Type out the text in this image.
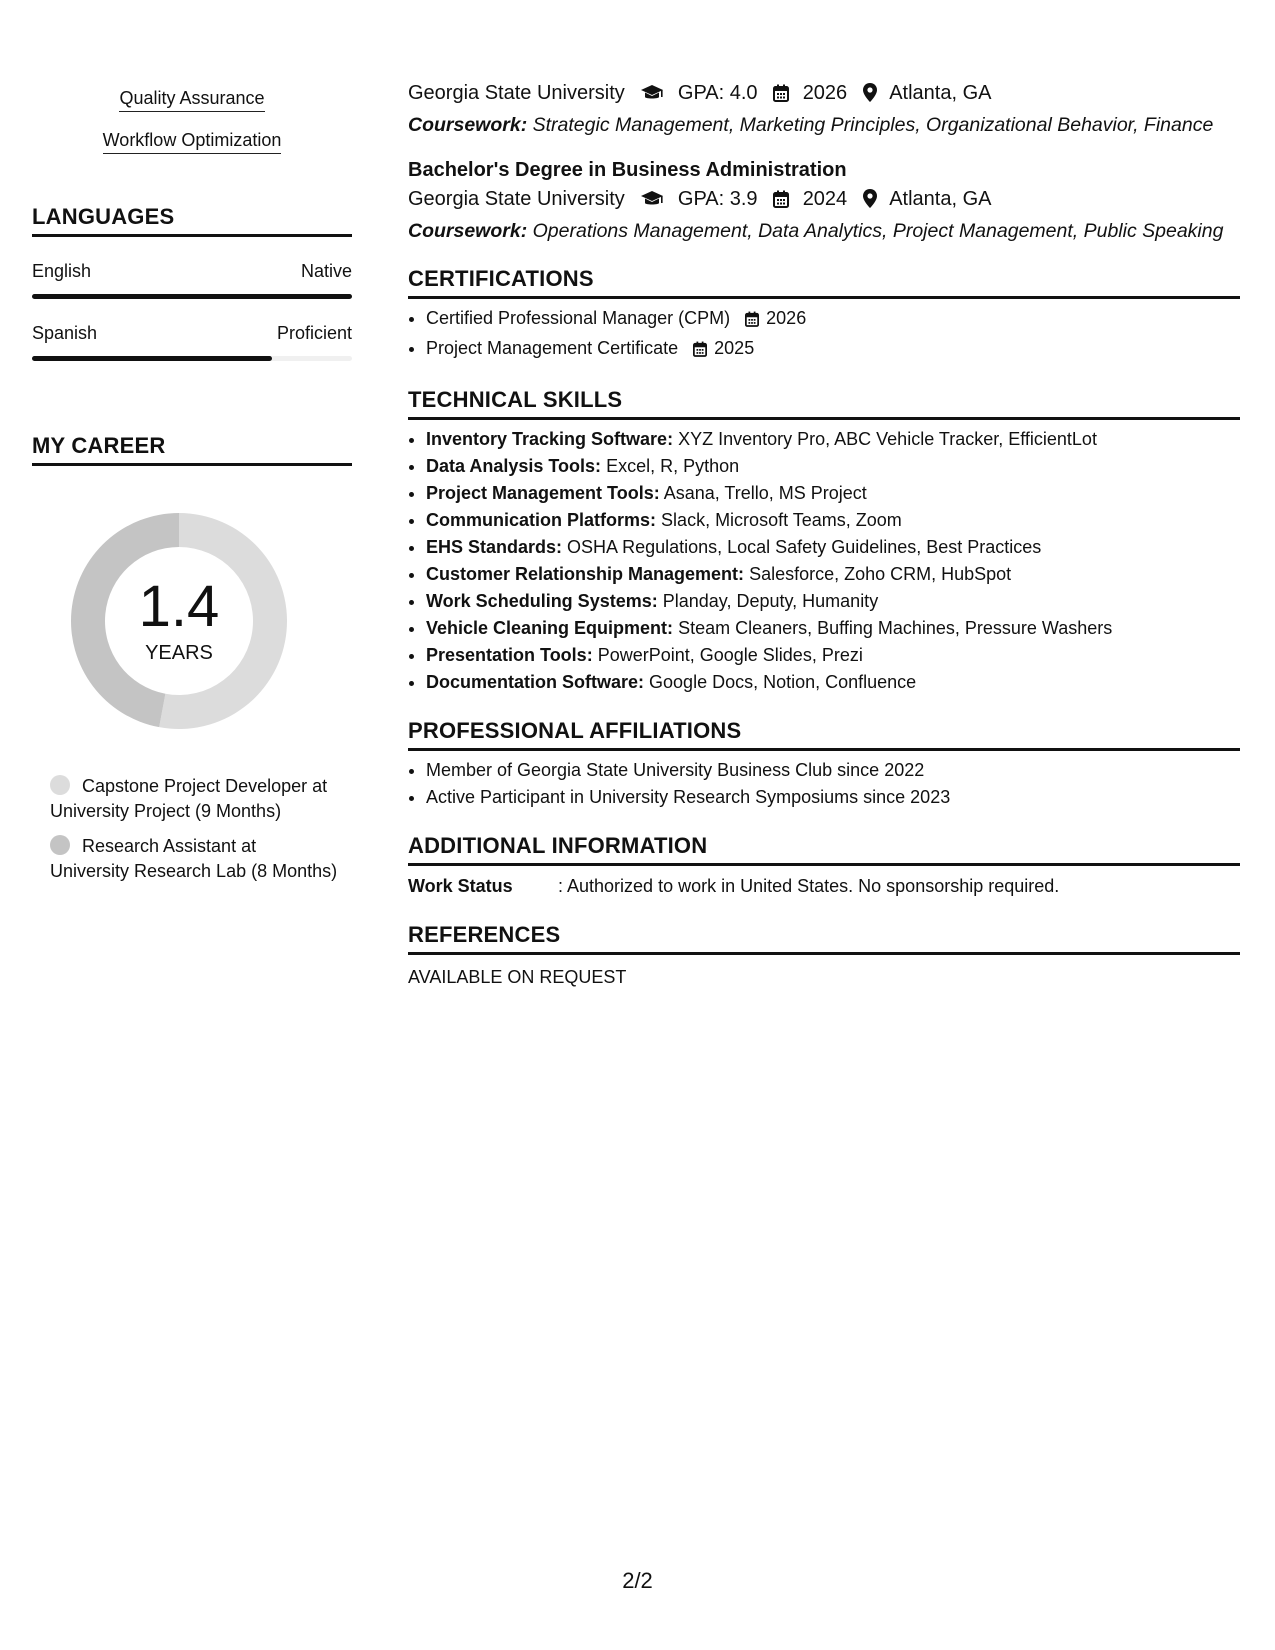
Quality Assurance
Workflow Optimization
LANGUAGES
English	Native
Spanish	Proficient
MY CAREER
1.4
YEARS
Capstone Project Developer at University Project (9 Months)
Research Assistant at University Research Lab (8 Months)
Georgia State University	GPA: 4.0 2026 Atlanta, GA
Coursework: Strategic Management, Marketing Principles, Organizational Behavior, Finance
Bachelor's Degree in Business Administration
Georgia State University	GPA: 3.9 2024 Atlanta, GA
Coursework: Operations Management, Data Analytics, Project Management, Public Speaking
CERTIFICATIONS
• Certified Professional Manager (CPM) 2026
• Project Management Certificate 2025
TECHNICAL SKILLS
• Inventory Tracking Software: XYZ Inventory Pro, ABC Vehicle Tracker, EfficientLot
• Data Analysis Tools: Excel, R, Python
• Project Management Tools: Asana, Trello, MS Project
• Communication Platforms: Slack, Microsoft Teams, Zoom
• EHS Standards: OSHA Regulations, Local Safety Guidelines, Best Practices
• Customer Relationship Management: Salesforce, Zoho CRM, HubSpot
• Work Scheduling Systems: Planday, Deputy, Humanity
• Vehicle Cleaning Equipment: Steam Cleaners, Buffing Machines, Pressure Washers
• Presentation Tools: PowerPoint, Google Slides, Prezi
• Documentation Software: Google Docs, Notion, Confluence
PROFESSIONAL AFFILIATIONS
• Member of Georgia State University Business Club since 2022
• Active Participant in University Research Symposiums since 2023
ADDITIONAL INFORMATION
Work Status	: Authorized to work in United States. No sponsorship required.
REFERENCES
AVAILABLE ON REQUEST
2/2
